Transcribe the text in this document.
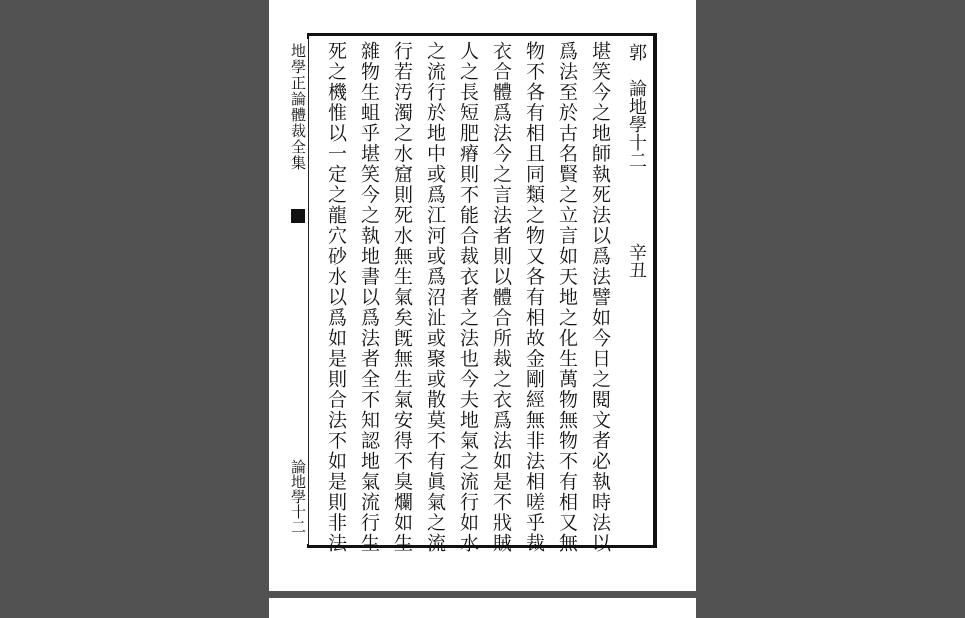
郭　論地學十二
辛丑
堪笑今之地師執死法以爲法譬如今日之閱文者必執時法以
爲法至於古名賢之立言如天地之化生萬物無物不有相又無
物不各有相且同類之物又各有相故金剛經無非法相嗟乎裁
衣合體爲法今之言法者則以體合所裁之衣爲法如是不戕賊
人之長短肥瘠則不能合裁衣者之法也今夫地氣之流行如水
之流行於地中或爲江河或爲沼沚或聚或散莫不有眞氣之流
行若汚濁之水窟則死水無生氣矣旣無生氣安得不臭爛如生
雜物生蛆乎堪笑今之執地書以爲法者全不知認地氣流行生
死之機惟以一定之龍穴砂水以爲如是則合法不如是則非法
地學正論體裁全集
論地學十二
